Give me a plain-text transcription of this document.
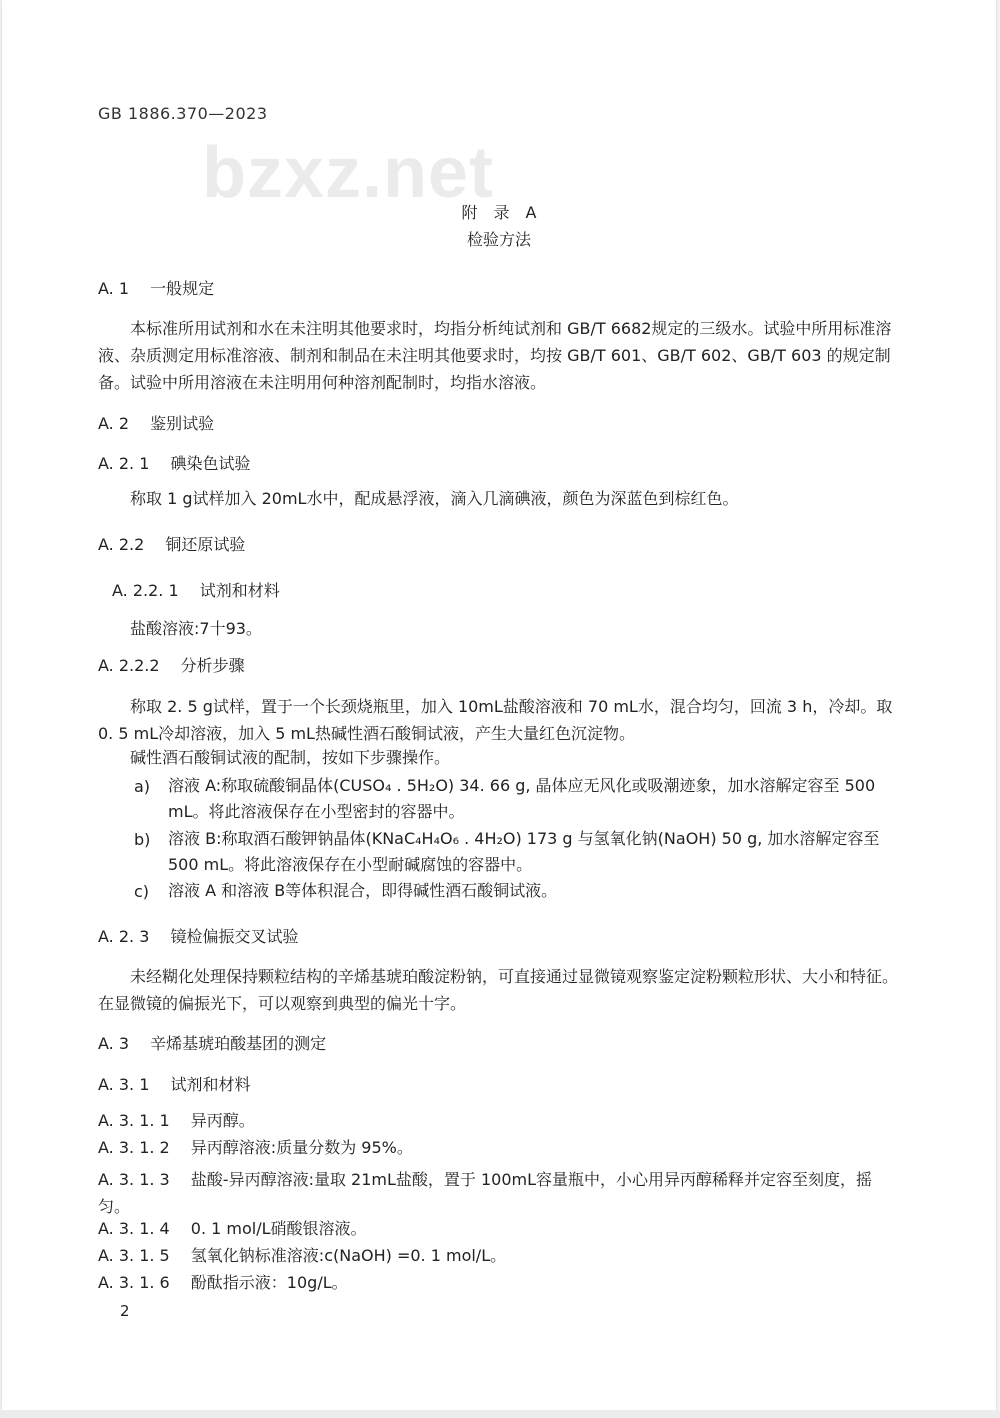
GB 1886.370—2023
bzxz.net
附　录　A
检验方法
A. 1　 一般规定
本标准所用试剂和水在未注明其他要求时，均指分析纯试剂和 GB/T 6682规定的三级水。试验中所用标准溶液、杂质测定用标准溶液、制剂和制品在未注明其他要求时，均按 GB/T 601、GB/T 602、GB/T 603 的规定制备。试验中所用溶液在未注明用何种溶剂配制时，均指水溶液。
A. 2　 鉴别试验
A. 2. 1　 碘染色试验
称取 1 g试样加入 20mL水中，配成悬浮液，滴入几滴碘液，颜色为深蓝色到棕红色。
A. 2.2　 铜还原试验
A. 2.2. 1　 试剂和材料
盐酸溶液:7十93。
A. 2.2.2　 分析步骤
称取 2. 5 g试样，置于一个长颈烧瓶里，加入 10mL盐酸溶液和 70 mL水，混合均匀，回流 3 h，冷却。取 0. 5 mL冷却溶液，加入 5 mL热碱性酒石酸铜试液，产生大量红色沉淀物。
碱性酒石酸铜试液的配制，按如下步骤操作。
a) 溶液 A:称取硫酸铜晶体(CUSO₄ . 5H₂O) 34. 66 g, 晶体应无风化或吸潮迹象，加水溶解定容至 500 mL。将此溶液保存在小型密封的容器中。
b) 溶液 B:称取酒石酸钾钠晶体(KNaC₄H₄O₆ . 4H₂O) 173 g 与氢氧化钠(NaOH) 50 g, 加水溶解定容至 500 mL。将此溶液保存在小型耐碱腐蚀的容器中。
c) 溶液 A 和溶液 B等体积混合，即得碱性酒石酸铜试液。
A. 2. 3　 镜检偏振交叉试验
未经糊化处理保持颗粒结构的辛烯基琥珀酸淀粉钠，可直接通过显微镜观察鉴定淀粉颗粒形状、大小和特征。在显微镜的偏振光下，可以观察到典型的偏光十字。
A. 3　 辛烯基琥珀酸基团的测定
A. 3. 1　 试剂和材料
A. 3. 1. 1　 异丙醇。
A. 3. 1. 2　 异丙醇溶液:质量分数为 95%。
A. 3. 1. 3　 盐酸-异丙醇溶液:量取 21mL盐酸，置于 100mL容量瓶中，小心用异丙醇稀释并定容至刻度，摇匀。
A. 3. 1. 4　 0. 1 mol/L硝酸银溶液。
A. 3. 1. 5　 氢氧化钠标准溶液:c(NaOH) =0. 1 mol/L。
A. 3. 1. 6　 酚酞指示液：10g/L。
2
